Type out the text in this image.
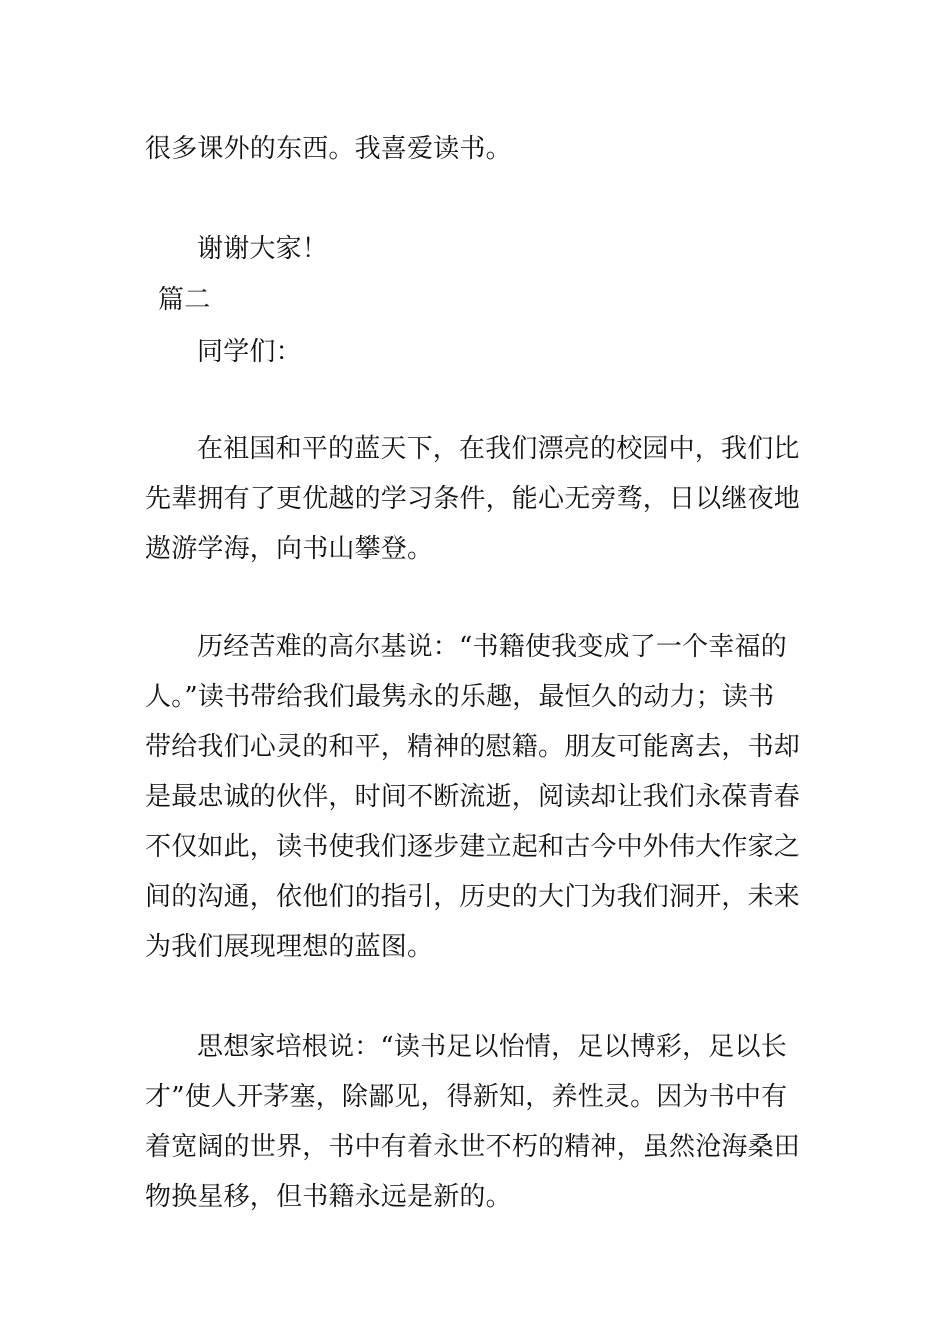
很多课外的东西。我喜爱读书。
谢谢大家！
篇二
同学们：
在祖国和平的蓝天下，在我们漂亮的校园中，我们比
先辈拥有了更优越的学习条件，能心无旁骛，日以继夜地
遨游学海，向书山攀登。
历经苦难的高尔基说：“书籍使我变成了一个幸福的
人。”读书带给我们最隽永的乐趣，最恒久的动力；读书
带给我们心灵的和平，精神的慰籍。朋友可能离去，书却
是最忠诚的伙伴，时间不断流逝，阅读却让我们永葆青春
不仅如此，读书使我们逐步建立起和古今中外伟大作家之
间的沟通，依他们的指引，历史的大门为我们洞开，未来
为我们展现理想的蓝图。
思想家培根说：“读书足以怡情，足以博彩，足以长
才”使人开茅塞，除鄙见，得新知，养性灵。因为书中有
着宽阔的世界，书中有着永世不朽的精神，虽然沧海桑田
物换星移，但书籍永远是新的。
